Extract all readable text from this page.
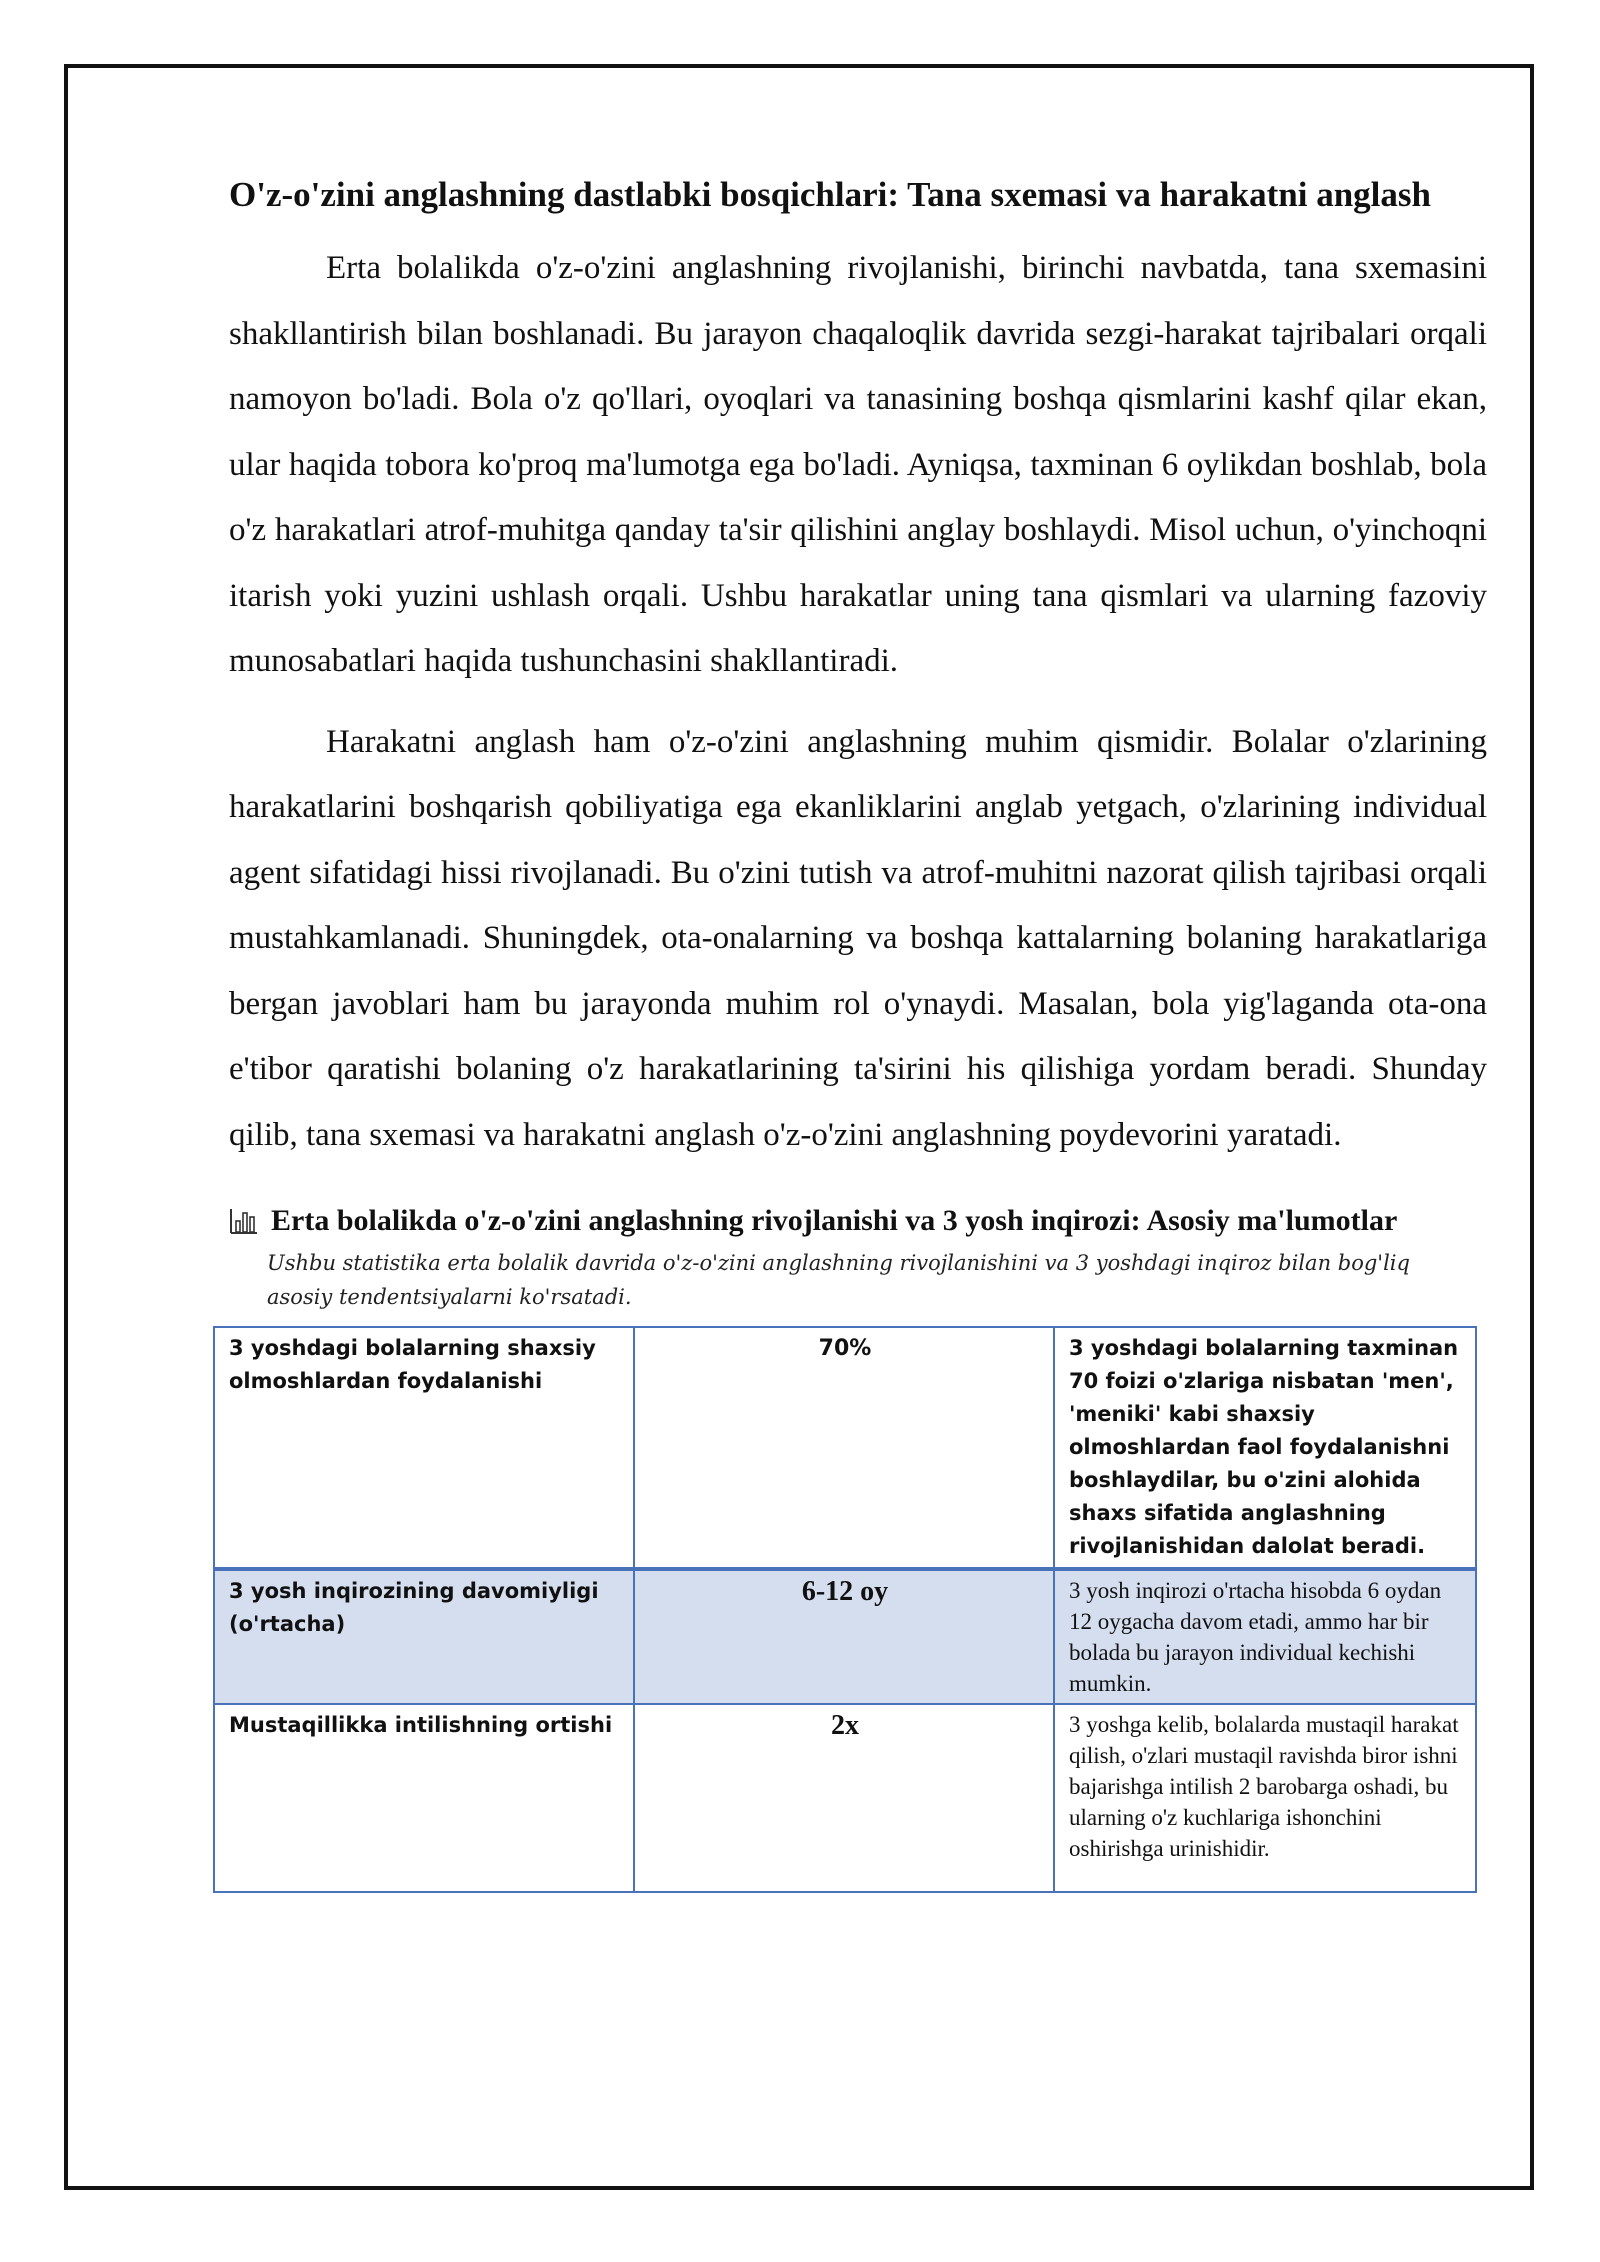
O'z-o'zini anglashning dastlabki bosqichlari: Tana sxemasi va harakatni anglash

Erta bolalikda o'z-o'zini anglashning rivojlanishi, birinchi navbatda, tana sxemasini shakllantirish bilan boshlanadi. Bu jarayon chaqaloqlik davrida sezgi-harakat tajribalari orqali namoyon bo'ladi. Bola o'z qo'llari, oyoqlari va tanasining boshqa qismlarini kashf qilar ekan, ular haqida tobora ko'proq ma'lumotga ega bo'ladi. Ayniqsa, taxminan 6 oylikdan boshlab, bola o'z harakatlari atrof-muhitga qanday ta'sir qilishini anglay boshlaydi. Misol uchun, o'yinchoqni itarish yoki yuzini ushlash orqali. Ushbu harakatlar uning tana qismlari va ularning fazoviy munosabatlari haqida tushunchasini shakllantiradi.

Harakatni anglash ham o'z-o'zini anglashning muhim qismidir. Bolalar o'zlarining harakatlarini boshqarish qobiliyatiga ega ekanliklarini anglab yetgach, o'zlarining individual agent sifatidagi hissi rivojlanadi. Bu o'zini tutish va atrof-muhitni nazorat qilish tajribasi orqali mustahkamlanadi. Shuningdek, ota-onalarning va boshqa kattalarning bolaning harakatlariga bergan javoblari ham bu jarayonda muhim rol o'ynaydi. Masalan, bola yig'laganda ota-ona e'tibor qaratishi bolaning o'z harakatlarining ta'sirini his qilishiga yordam beradi. Shunday qilib, tana sxemasi va harakatni anglash o'z-o'zini anglashning poydevorini yaratadi.

Erta bolalikda o'z-o'zini anglashning rivojlanishi va 3 yosh inqirozi: Asosiy ma'lumotlar
Ushbu statistika erta bolalik davrida o'z-o'zini anglashning rivojlanishini va 3 yoshdagi inqiroz bilan bog'liq asosiy tendentsiyalarni ko'rsatadi.
3 yoshdagi bolalarning shaxsiy olmoshlardan foydalanishi	70%	3 yoshdagi bolalarning taxminan 70 foizi o'zlariga nisbatan 'men', 'meniki' kabi shaxsiy olmoshlardan faol foydalanishni boshlaydilar, bu o'zini alohida shaxs sifatida anglashning rivojlanishidan dalolat beradi.

3 yosh inqirozining davomiyligi (o'rtacha)	6-12 oy	3 yosh inqirozi o'rtacha hisobda 6 oydan 12 oygacha davom etadi, ammo har bir bolada bu jarayon individual kechishi mumkin.

Mustaqillikka intilishning ortishi	2x	3 yoshga kelib, bolalarda mustaqil harakat qilish, o'zlari mustaqil ravishda biror ishni bajarishga intilish 2 barobarga oshadi, bu ularning o'z kuchlariga ishonchini oshirishga urinishidir.
